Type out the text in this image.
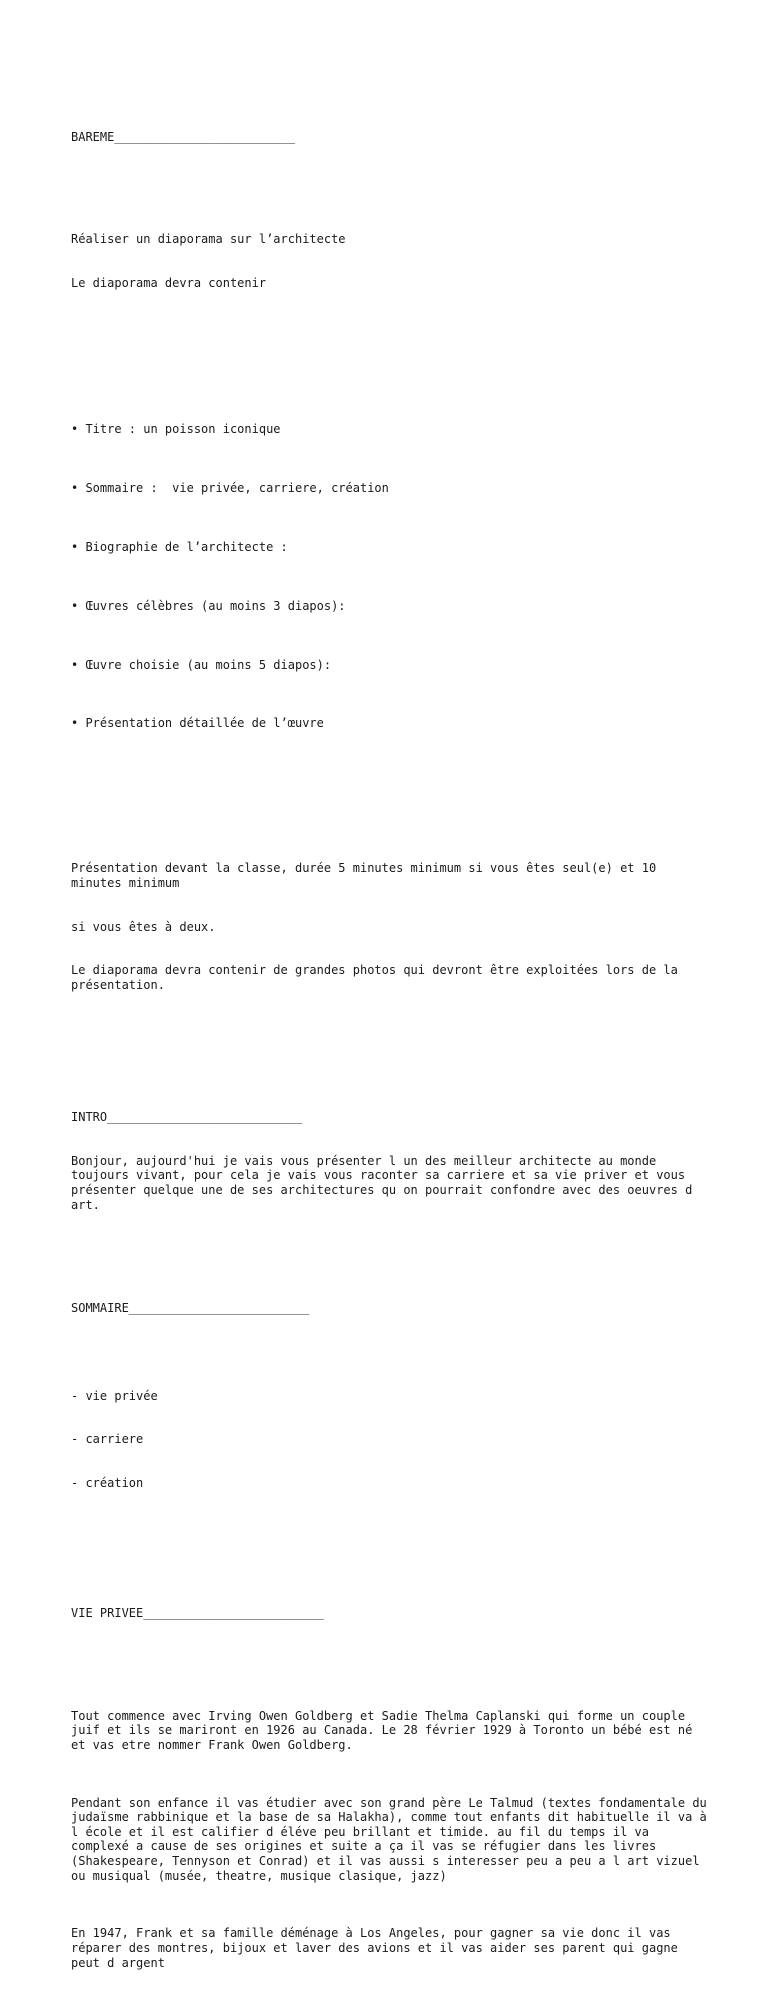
BAREME_________________________

Réaliser un diaporama sur l’architecte

Le diaporama devra contenir

• Titre : un poisson iconique

• Sommaire :  vie privée, carriere, création

• Biographie de l’architecte :

• Œuvres célèbres (au moins 3 diapos):

• Œuvre choisie (au moins 5 diapos):

• Présentation détaillée de l’œuvre

Présentation devant la classe, durée 5 minutes minimum si vous êtes seul(e) et 10 minutes minimum

si vous êtes à deux.

Le diaporama devra contenir de grandes photos qui devront être exploitées lors de la présentation.

INTRO___________________________

Bonjour, aujourd'hui je vais vous présenter l un des meilleur architecte au monde toujours vivant, pour cela je vais vous raconter sa carriere et sa vie priver et vous présenter quelque une de ses architectures qu on pourrait confondre avec des oeuvres d art.

SOMMAIRE_________________________

- vie privée

- carriere

- création

VIE PRIVEE_________________________

Tout commence avec Irving Owen Goldberg et Sadie Thelma Caplanski qui forme un couple juif et ils se mariront en 1926 au Canada. Le 28 février 1929 à Toronto un bébé est né et vas etre nommer Frank Owen Goldberg.

Pendant son enfance il vas étudier avec son grand père Le Talmud (textes fondamentale du judaïsme rabbinique et la base de sa Halakha), comme tout enfants dit habituelle il va à l école et il est califier d éléve peu brillant et timide. au fil du temps il va complexé a cause de ses origines et suite a ça il vas se réfugier dans les livres (Shakespeare, Tennyson et Conrad) et il vas aussi s interesser peu a peu a l art vizuel ou musiqual (musée, theatre, musique clasique, jazz)

En 1947, Frank et sa famille déménage à Los Angeles, pour gagner sa vie donc il vas réparer des montres, bijoux et laver des avions et il vas aider ses parent qui gagne peut d argent
